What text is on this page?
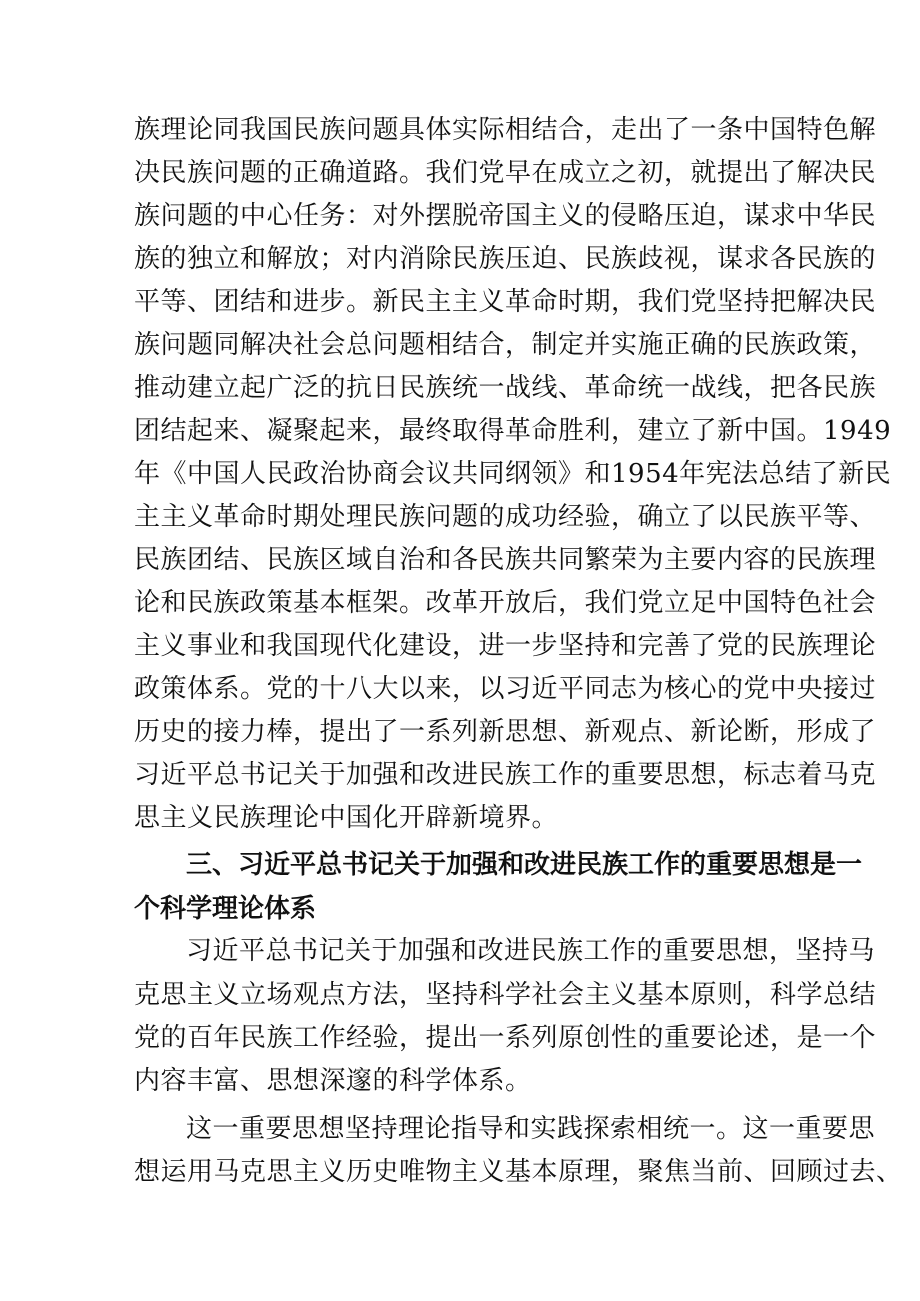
族理论同我国民族问题具体实际相结合，走出了一条中国特色解
决民族问题的正确道路。我们党早在成立之初，就提出了解决民
族问题的中心任务：对外摆脱帝国主义的侵略压迫，谋求中华民
族的独立和解放；对内消除民族压迫、民族歧视，谋求各民族的
平等、团结和进步。新民主主义革命时期，我们党坚持把解决民
族问题同解决社会总问题相结合，制定并实施正确的民族政策，
推动建立起广泛的抗日民族统一战线、革命统一战线，把各民族
团结起来、凝聚起来，最终取得革命胜利，建立了新中国。1949
年《中国人民政治协商会议共同纲领》和1954年宪法总结了新民
主主义革命时期处理民族问题的成功经验，确立了以民族平等、
民族团结、民族区域自治和各民族共同繁荣为主要内容的民族理
论和民族政策基本框架。改革开放后，我们党立足中国特色社会
主义事业和我国现代化建设，进一步坚持和完善了党的民族理论
政策体系。党的十八大以来，以习近平同志为核心的党中央接过
历史的接力棒，提出了一系列新思想、新观点、新论断，形成了
习近平总书记关于加强和改进民族工作的重要思想，标志着马克
思主义民族理论中国化开辟新境界。
三、习近平总书记关于加强和改进民族工作的重要思想是一
个科学理论体系
习近平总书记关于加强和改进民族工作的重要思想，坚持马
克思主义立场观点方法，坚持科学社会主义基本原则，科学总结
党的百年民族工作经验，提出一系列原创性的重要论述，是一个
内容丰富、思想深邃的科学体系。
这一重要思想坚持理论指导和实践探索相统一。这一重要思
想运用马克思主义历史唯物主义基本原理，聚焦当前、回顾过去、
